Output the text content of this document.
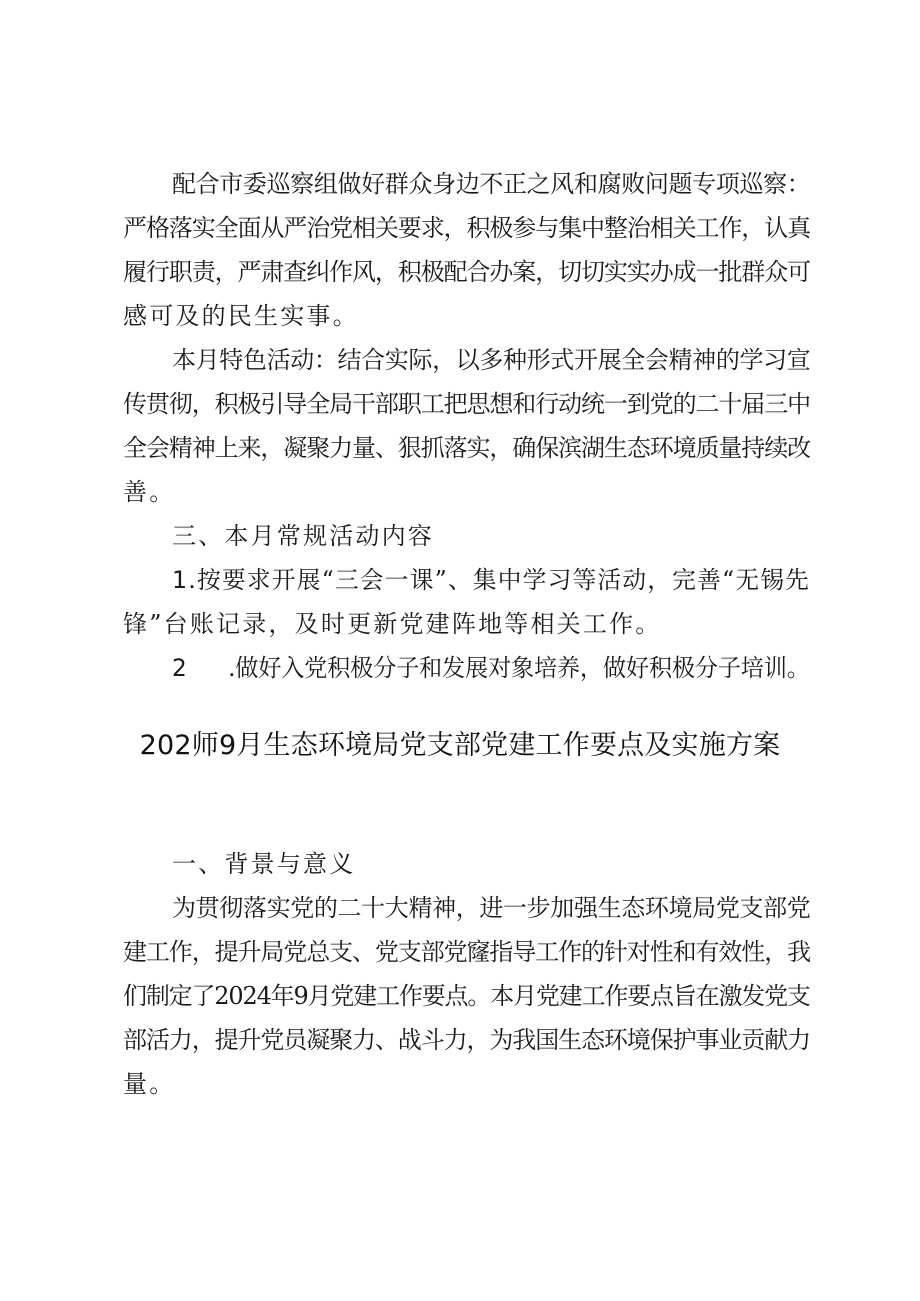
配合市委巡察组做好群众身边不正之风和腐败问题专项巡察：
严格落实全面从严治党相关要求，积极参与集中整治相关工作，认真
履行职责，严肃查纠作风，积极配合办案，切切实实办成一批群众可
感可及的民生实事。
本月特色活动：结合实际，以多种形式开展全会精神的学习宣
传贯彻，积极引导全局干部职工把思想和行动统一到党的二十届三中
全会精神上来，凝聚力量、狠抓落实，确保滨湖生态环境质量持续改
善。
三、本月常规活动内容
1.按要求开展“三会一课”、集中学习等活动，完善“无锡先
锋”台账记录，及时更新党建阵地等相关工作。
2 .做好入党积极分子和发展对象培养，做好积极分子培训。
202师9月生态环境局党支部党建工作要点及实施方案
一、背景与意义
为贯彻落实党的二十大精神，进一步加强生态环境局党支部党
建工作，提升局党总支、党支部党窿指导工作的针对性和有效性，我
们制定了2024年9月党建工作要点。本月党建工作要点旨在激发党支
部活力，提升党员凝聚力、战斗力，为我国生态环境保护事业贡献力
量。
